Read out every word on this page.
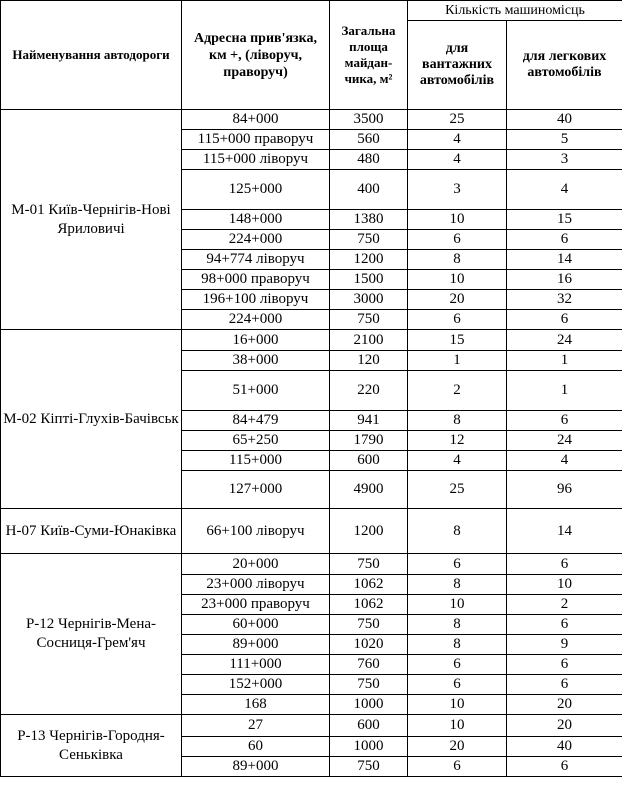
Найменування автодороги	Адресна прив'язка, км +, (ліворуч, праворуч)	Загальна площа майдан-чика, м²	Кількість машиномісць	
			для вантажних автомобілів	для легкових автомобілів
М-01 Київ-Чернігів-Нові Яриловичі	84+000	3500	25	40
	115+000 праворуч	560	4	5
	115+000 ліворуч	480	4	3
	125+000	400	3	4
	148+000	1380	10	15
	224+000	750	6	6
	94+774 ліворуч	1200	8	14
	98+000 праворуч	1500	10	16
	196+100 ліворуч	3000	20	32
	224+000	750	6	6
М-02 Кіпті-Глухів-Бачівськ	16+000	2100	15	24
	38+000	120	1	1
	51+000	220	2	1
	84+479	941	8	6
	65+250	1790	12	24
	115+000	600	4	4
	127+000	4900	25	96
Н-07 Київ-Суми-Юнаківка	66+100 ліворуч	1200	8	14
Р-12 Чернігів-Мена-Сосниця-Грем'яч	20+000	750	6	6
	23+000 ліворуч	1062	8	10
	23+000 праворуч	1062	10	2
	60+000	750	8	6
	89+000	1020	8	9
	111+000	760	6	6
	152+000	750	6	6
	168	1000	10	20
Р-13 Чернігів-Городня-Сеньківка	27	600	10	20
	60	1000	20	40
	89+000	750	6	6
